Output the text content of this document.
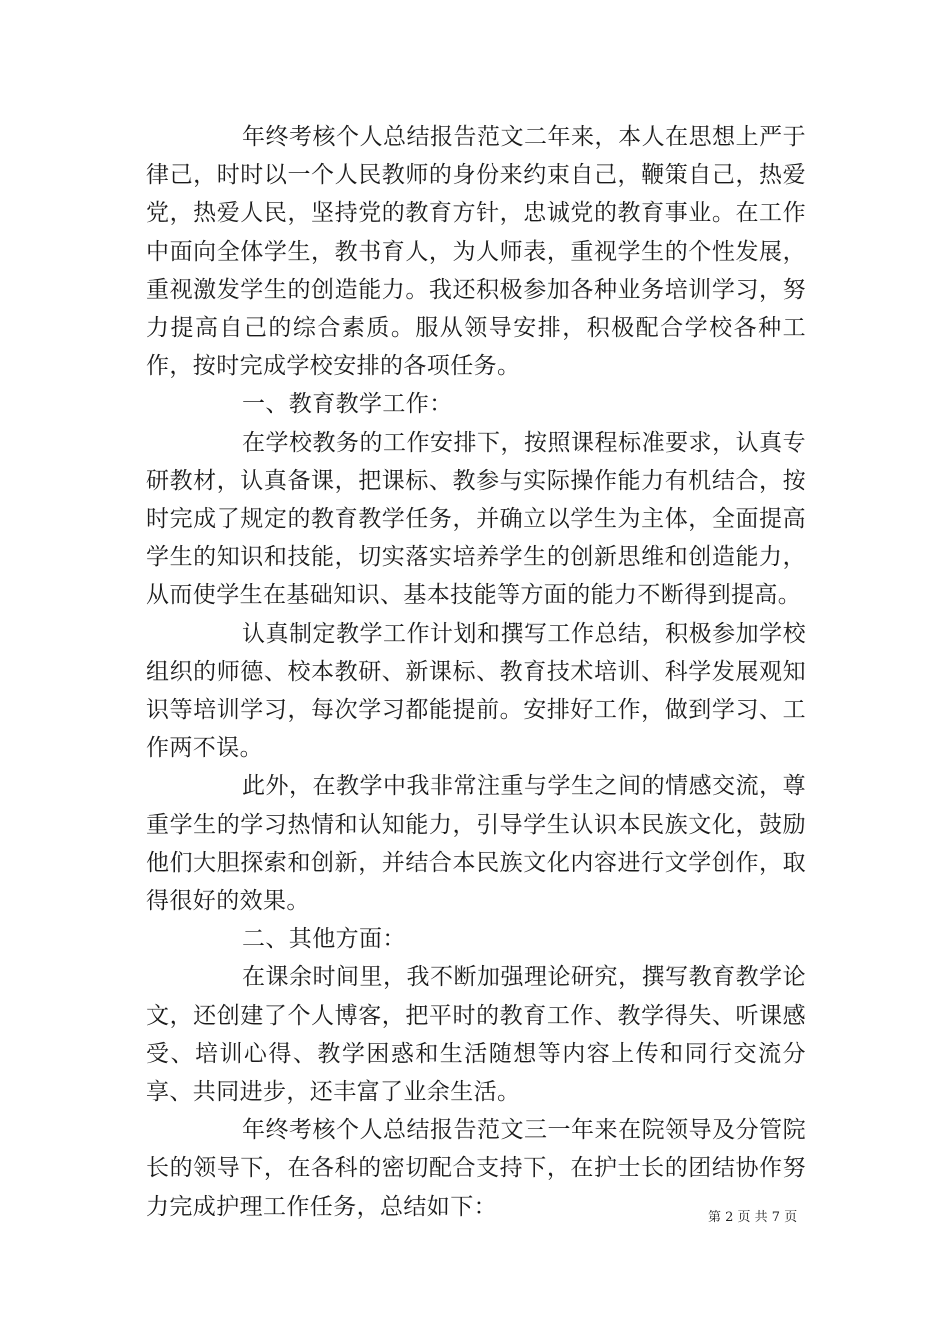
年终考核个人总结报告范文二年来，本人在思想上严于律己，时时以一个人民教师的身份来约束自己，鞭策自己，热爱党，热爱人民，坚持党的教育方针，忠诚党的教育事业。在工作中面向全体学生，教书育人，为人师表，重视学生的个性发展，重视激发学生的创造能力。我还积极参加各种业务培训学习，努力提高自己的综合素质。服从领导安排，积极配合学校各种工作，按时完成学校安排的各项任务。

一、教育教学工作：

在学校教务的工作安排下，按照课程标准要求，认真专研教材，认真备课，把课标、教参与实际操作能力有机结合，按时完成了规定的教育教学任务，并确立以学生为主体，全面提高学生的知识和技能，切实落实培养学生的创新思维和创造能力，从而使学生在基础知识、基本技能等方面的能力不断得到提高。

认真制定教学工作计划和撰写工作总结，积极参加学校组织的师德、校本教研、新课标、教育技术培训、科学发展观知识等培训学习，每次学习都能提前。安排好工作，做到学习、工作两不误。

此外，在教学中我非常注重与学生之间的情感交流，尊重学生的学习热情和认知能力，引导学生认识本民族文化，鼓励他们大胆探索和创新，并结合本民族文化内容进行文学创作，取得很好的效果。

二、其他方面：

在课余时间里，我不断加强理论研究，撰写教育教学论文，还创建了个人博客，把平时的教育工作、教学得失、听课感受、培训心得、教学困惑和生活随想等内容上传和同行交流分享、共同进步，还丰富了业余生活。

年终考核个人总结报告范文三一年来在院领导及分管院长的领导下，在各科的密切配合支持下，在护士长的团结协作努力完成护理工作任务，总结如下：	第 2 页 共 7 页
